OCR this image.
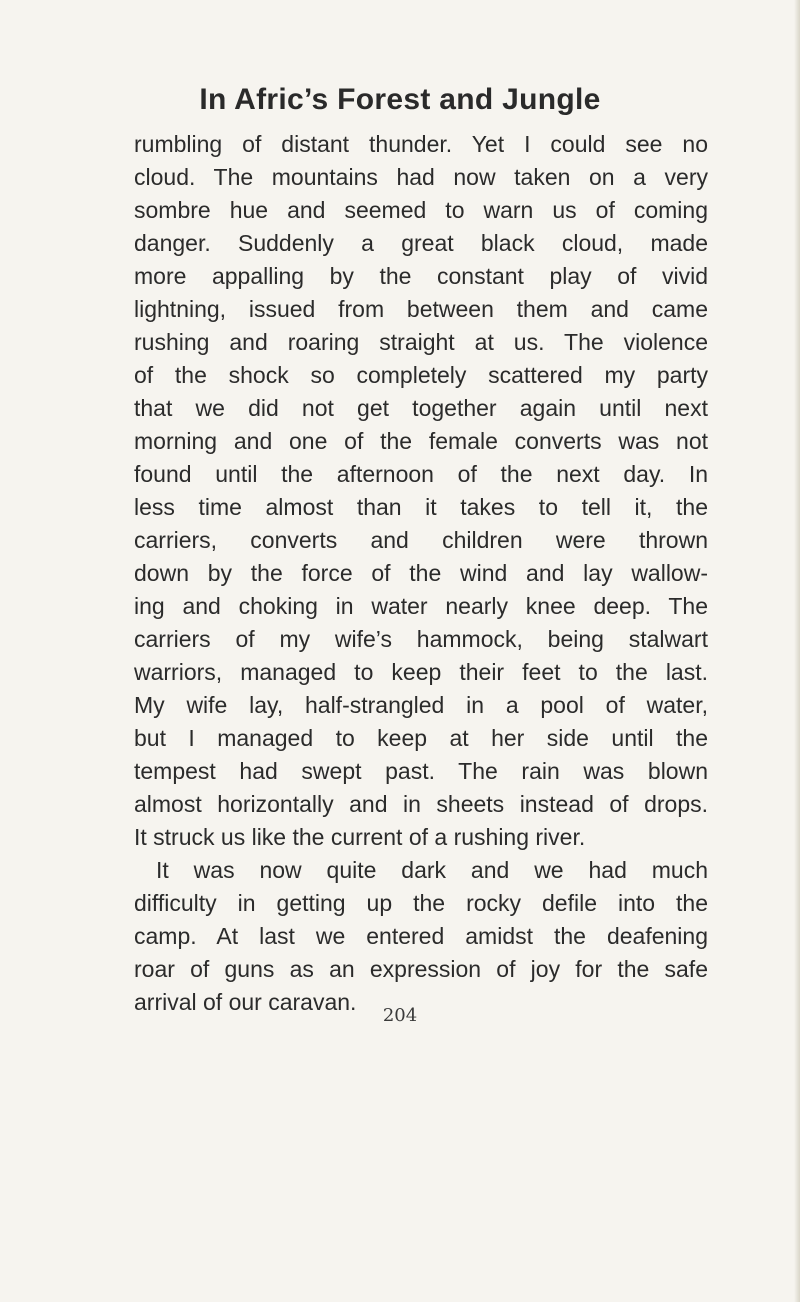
In Afric’s Forest and Jungle
rumbling of distant thunder. Yet I could see no
cloud. The mountains had now taken on a very
sombre hue and seemed to warn us of coming
danger. Suddenly a great black cloud, made
more appalling by the constant play of vivid
lightning, issued from between them and came
rushing and roaring straight at us. The violence
of the shock so completely scattered my party
that we did not get together again until next
morning and one of the female converts was not
found until the afternoon of the next day. In
less time almost than it takes to tell it, the
carriers, converts and children were thrown
down by the force of the wind and lay wallow-
ing and choking in water nearly knee deep. The
carriers of my wife’s hammock, being stalwart
warriors, managed to keep their feet to the last.
My wife lay, half-strangled in a pool of water,
but I managed to keep at her side until the
tempest had swept past. The rain was blown
almost horizontally and in sheets instead of drops.
It struck us like the current of a rushing river.
It was now quite dark and we had much
difficulty in getting up the rocky defile into the
camp. At last we entered amidst the deafening
roar of guns as an expression of joy for the safe
arrival of our caravan.
204
